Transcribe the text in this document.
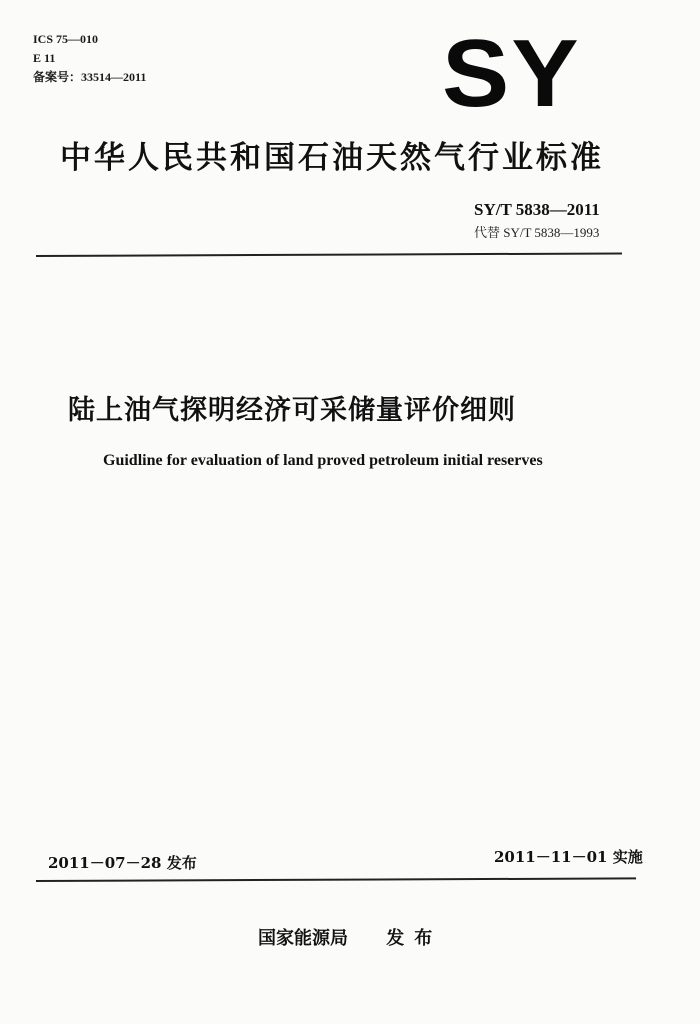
ICS 75—010
E 11
备案号：33514—2011	SY
中华人民共和国石油天然气行业标准
SY/T 5838—2011
代替 SY/T 5838—1993
陆上油气探明经济可采储量评价细则
Guidline for evaluation of land proved petroleum initial reserves
2011－07－28 发布	2011－11－01 实施
国家能源局 发布
